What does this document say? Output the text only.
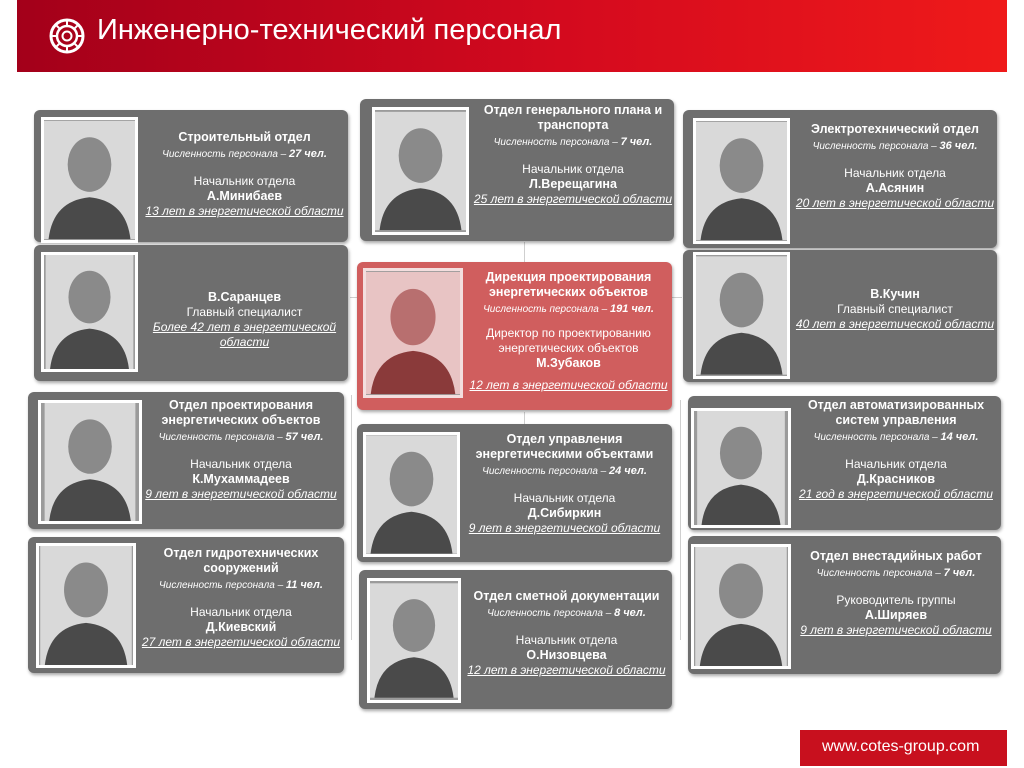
Инженерно-технический персонал
Строительный отдел
Численность персонала – 27 чел.
Начальник отдела
А.Минибаев
13 лет в энергетической области
В.Саранцев
Главный специалист
Более 42 лет в энергетической области
Отдел генерального плана и транспорта
Численность персонала – 7 чел.
Начальник отдела
Л.Верещагина
25 лет в энергетической области
Электротехнический отдел
Численность персонала – 36 чел.
Начальник отдела
А.Асянин
20 лет в энергетической области
В.Кучин
Главный специалист
40 лет в энергетической области
Дирекция проектирования энергетических объектов
Численность персонала – 191 чел.
Директор по проектированию энергетических объектов
М.Зубаков
12 лет в энергетической области
Отдел проектирования энергетических объектов
Численность персонала – 57 чел.
Начальник отдела
К.Мухаммадеев
9 лет в энергетической области
Отдел управления энергетическими объектами
Численность персонала – 24 чел.
Начальник отдела
Д.Сибиркин
9 лет в энергетической области
Отдел автоматизированных систем управления
Численность персонала – 14 чел.
Начальник отдела
Д.Красников
21 год в энергетической области
Отдел гидротехнических сооружений
Численность персонала – 11 чел.
Начальник отдела
Д.Киевский
27 лет в энергетической области
Отдел сметной документации
Численность персонала – 8 чел.
Начальник отдела
О.Низовцева
12 лет в энергетической области
Отдел внестадийных работ
Численность персонала – 7 чел.
Руководитель группы
А.Ширяев
9 лет в энергетической области
www.cotes-group.com
